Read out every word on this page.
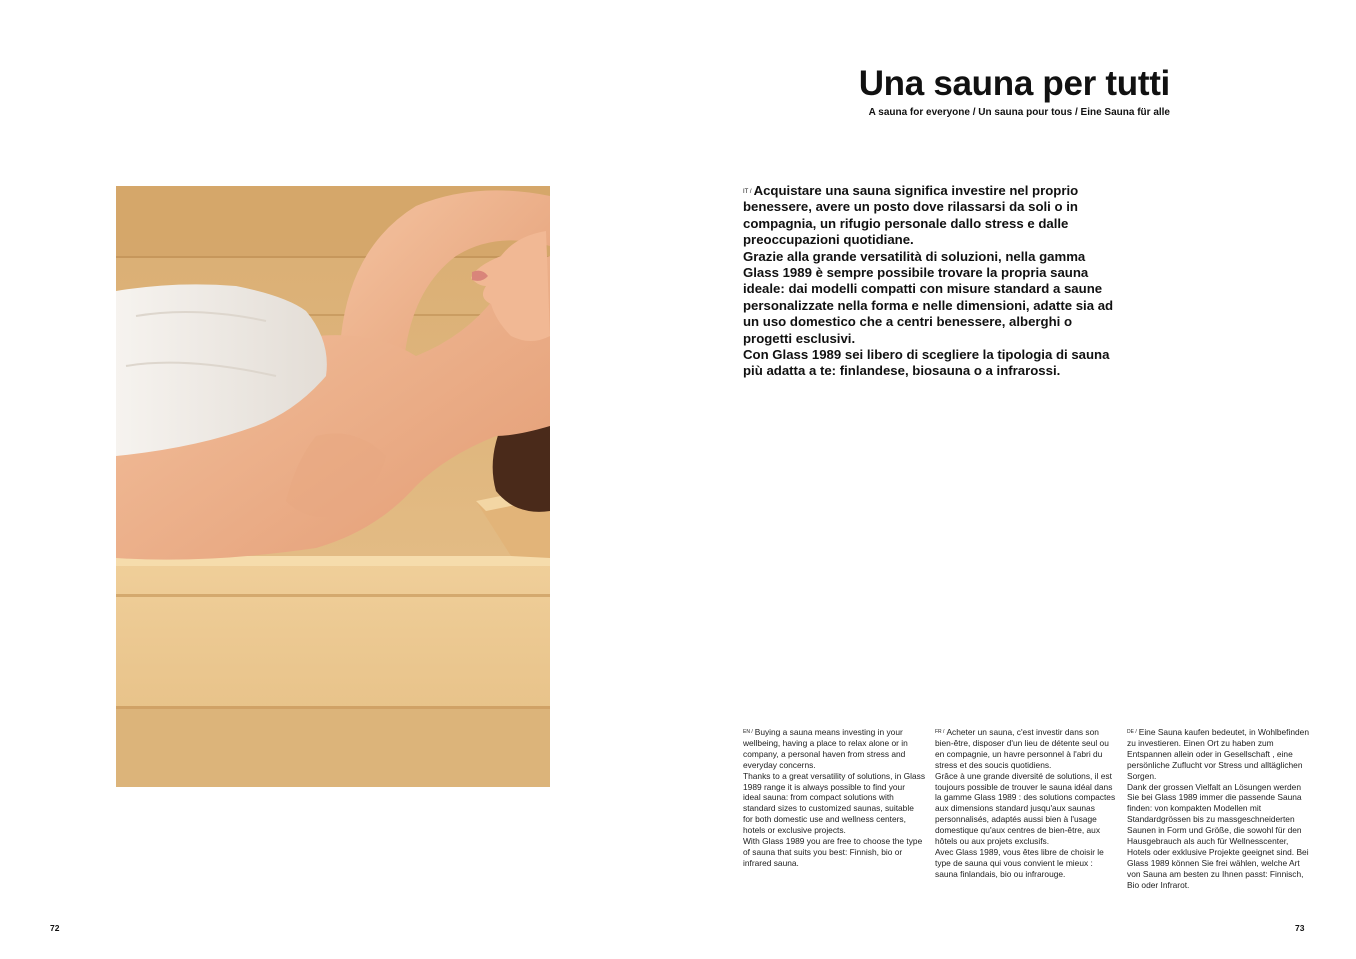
Una sauna per tutti

A sauna for everyone / Un sauna pour tous / Eine Sauna für alle

$^{IT /}$ Acquistare una sauna significa investire nel proprio benessere, avere un posto dove rilassarsi da soli o in compagnia, un rifugio personale dallo stress e dalle preoccupazioni quotidiane.

Grazie alla grande versatilità di soluzioni, nella gamma Glass 1989 è sempre possibile trovare la propria sauna ideale: dai modelli compatti con misure standard a saune personalizzate nella forma e nelle dimensioni, adatte sia ad un uso domestico che a centri benessere, alberghi o progetti esclusivi.

Con Glass 1989 sei libero di scegliere la tipologia di sauna più adatta a te: finlandese, biosauna o a infrarossi.

$^{EN /}$ Buying a sauna means investing in your wellbeing, having a place to relax alone or in company, a personal haven from stress and everyday concerns.

Thanks to a great versatility of solutions, in Glass 1989 range it is always possible to find your ideal sauna: from compact solutions with standard sizes to customized saunas, suitable for both domestic use and wellness centers, hotels or exclusive projects.

With Glass 1989 you are free to choose the type of sauna that suits you best: Finnish, bio or infrared sauna.

$^{FR /}$ Acheter un sauna, c'est investir dans son bien-être, disposer d'un lieu de détente seul ou en compagnie, un havre personnel à l'abri du stress et des soucis quotidiens.

Grâce à une grande diversité de solutions, il est toujours possible de trouver le sauna idéal dans la gamme Glass 1989 : des solutions compactes aux dimensions standard jusqu'aux saunas personnalisés, adaptés aussi bien à l'usage domestique qu'aux centres de bien-être, aux hôtels ou aux projets exclusifs.

Avec Glass 1989, vous êtes libre de choisir le type de sauna qui vous convient le mieux : sauna finlandais, bio ou infrarouge.

$^{DE /}$ Eine Sauna kaufen bedeutet, in Wohlbefinden zu investieren. Einen Ort zu haben zum Entspannen allein oder in Gesellschaft , eine persönliche Zuflucht vor Stress und alltäglichen Sorgen.

Dank der grossen Vielfalt an Lösungen werden Sie bei Glass 1989 immer die passende Sauna finden: von kompakten Modellen mit Standardgrössen bis zu massgeschneiderten Saunen in Form und Größe, die sowohl für den Hausgebrauch als auch für Wellnesscenter, Hotels oder exklusive Projekte geeignet sind. Bei Glass 1989 können Sie frei wählen, welche Art von Sauna am besten zu Ihnen passt: Finnisch, Bio oder Infrarot.

72	73
